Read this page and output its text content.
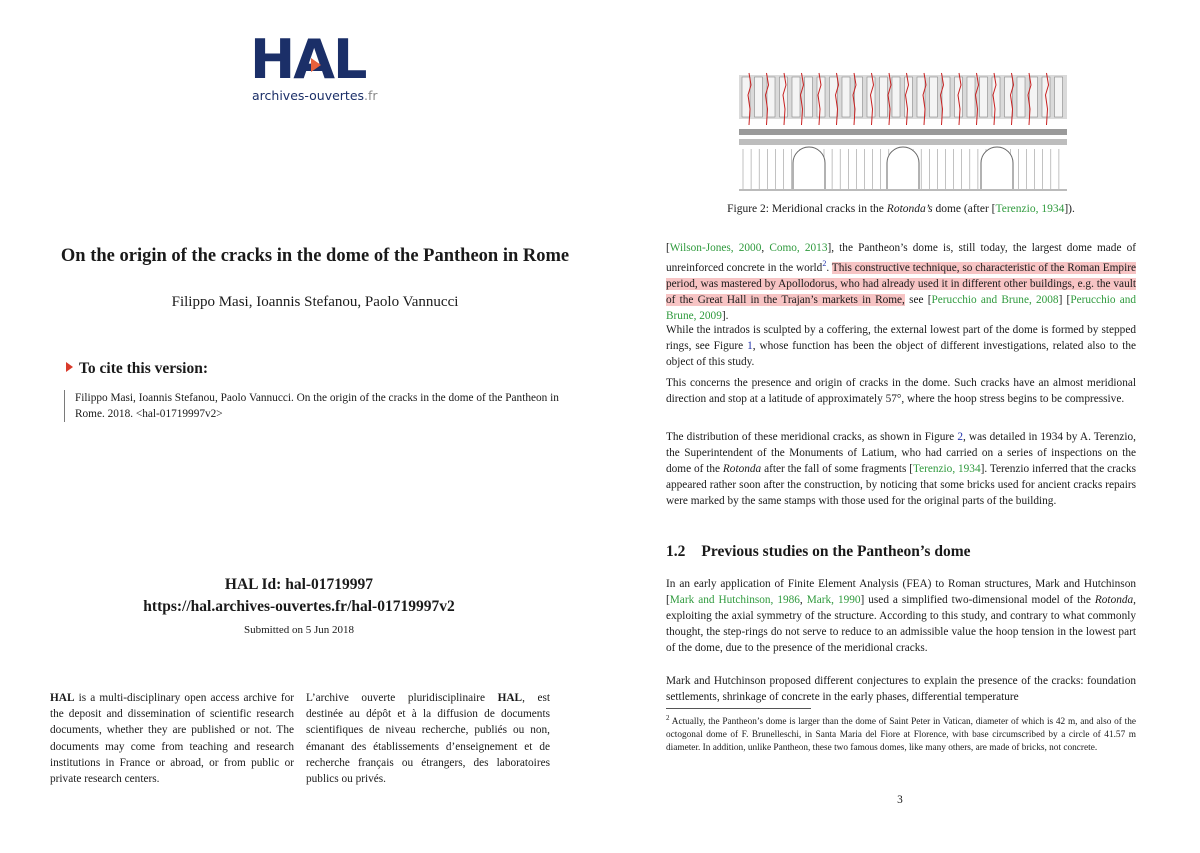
HAL
archives-ouvertes.fr
On the origin of the cracks in the dome of the Pantheon in Rome

Filippo Masi, Ioannis Stefanou, Paolo Vannucci

To cite this version:

Filippo Masi, Ioannis Stefanou, Paolo Vannucci. On the origin of the cracks in the dome of the Pantheon in Rome. 2018. <hal-01719997v2>

HAL Id: hal-01719997

https://hal.archives-ouvertes.fr/hal-01719997v2

Submitted on 5 Jun 2018

HAL is a multi-disciplinary open access archive for the deposit and dissemination of scientific research documents, whether they are published or not. The documents may come from teaching and research institutions in France or abroad, or from public or private research centers.

L’archive ouverte pluridisciplinaire HAL, est destinée au dépôt et à la diffusion de documents scientifiques de niveau recherche, publiés ou non, émanant des établissements d’enseignement et de recherche français ou étrangers, des laboratoires publics ou privés.

Figure 2: Meridional cracks in the Rotonda’s dome (after [Terenzio, 1934]).

[Wilson-Jones, 2000, Como, 2013], the Pantheon’s dome is, still today, the largest dome made of unreinforced concrete in the world$^2$. This constructive technique, so characteristic of the Roman Empire period, was mastered by Apollodorus, who had already used it in different other buildings, e.g. the vault of the Great Hall in the Trajan’s markets in Rome, see [Perucchio and Brune, 2008] [Perucchio and Brune, 2009].

While the intrados is sculpted by a coffering, the external lowest part of the dome is formed by stepped rings, see Figure 1, whose function has been the object of different investigations, related also to the object of this study.

This concerns the presence and origin of cracks in the dome. Such cracks have an almost meridional direction and stop at a latitude of approximately 57°, where the hoop stress begins to be compressive.

The distribution of these meridional cracks, as shown in Figure 2, was detailed in 1934 by A. Terenzio, the Superintendent of the Monuments of Latium, who had carried on a series of inspections on the dome of the Rotonda after the fall of some fragments [Terenzio, 1934]. Terenzio inferred that the cracks appeared rather soon after the construction, by noticing that some bricks used for ancient cracks repairs were marked by the same stamps with those used for the original parts of the building.

1.2 Previous studies on the Pantheon’s dome

In an early application of Finite Element Analysis (FEA) to Roman structures, Mark and Hutchinson [Mark and Hutchinson, 1986, Mark, 1990] used a simplified two-dimensional model of the Rotonda, exploiting the axial symmetry of the structure. According to this study, and contrary to what commonly thought, the step-rings do not serve to reduce to an admissible value the hoop tension in the lowest part of the dome, due to the presence of the meridional cracks.

Mark and Hutchinson proposed different conjectures to explain the presence of the cracks: foundation settlements, shrinkage of concrete in the early phases, differential temperature

$^2$ Actually, the Pantheon’s dome is larger than the dome of Saint Peter in Vatican, diameter of which is 42 m, and also of the octogonal dome of F. Brunelleschi, in Santa Maria del Fiore at Florence, with base circumscribed by a circle of 41.57 m diameter. In addition, unlike Pantheon, these two famous domes, like many others, are made of bricks, not concrete.

3
